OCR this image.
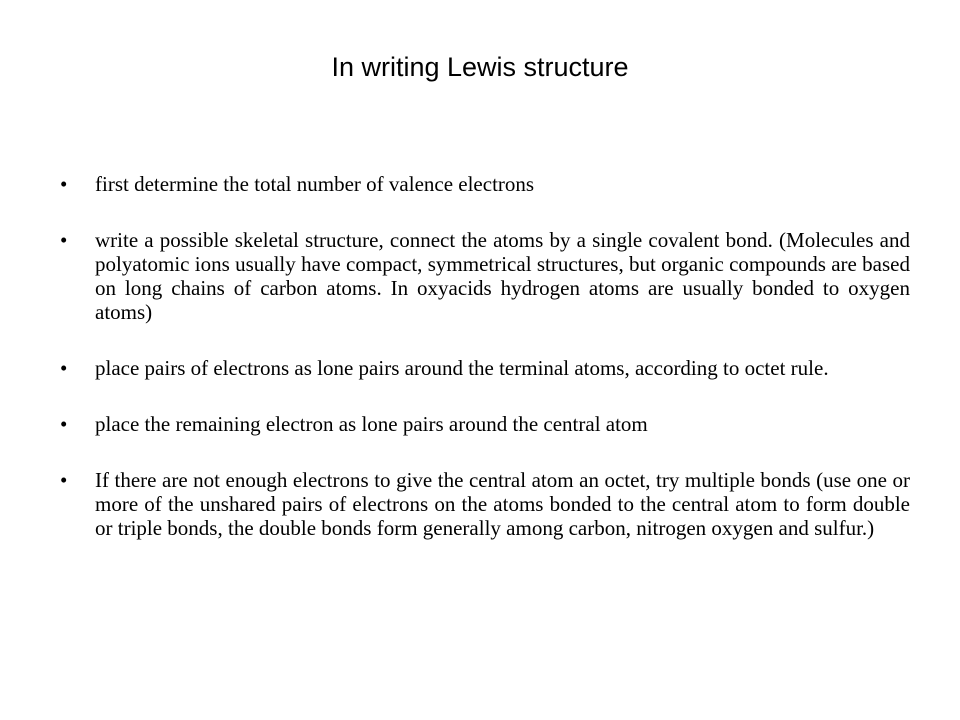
In writing Lewis structure
•	first determine the total number of valence electrons
•	write a possible skeletal structure, connect the atoms by a single covalent bond. (Molecules and polyatomic ions usually have compact, symmetrical structures, but organic compounds are based on long chains of carbon atoms. In oxyacids hydrogen atoms are usually bonded to oxygen atoms)
•	place pairs of electrons as lone pairs around the terminal atoms, according to octet rule.
•	place the remaining electron as lone pairs around the central atom
•	If there are not enough electrons to give the central atom an octet, try multiple bonds (use one or more of the unshared pairs of electrons on the atoms bonded to the central atom to form double or triple bonds, the double bonds form generally among carbon, nitrogen oxygen and sulfur.)
